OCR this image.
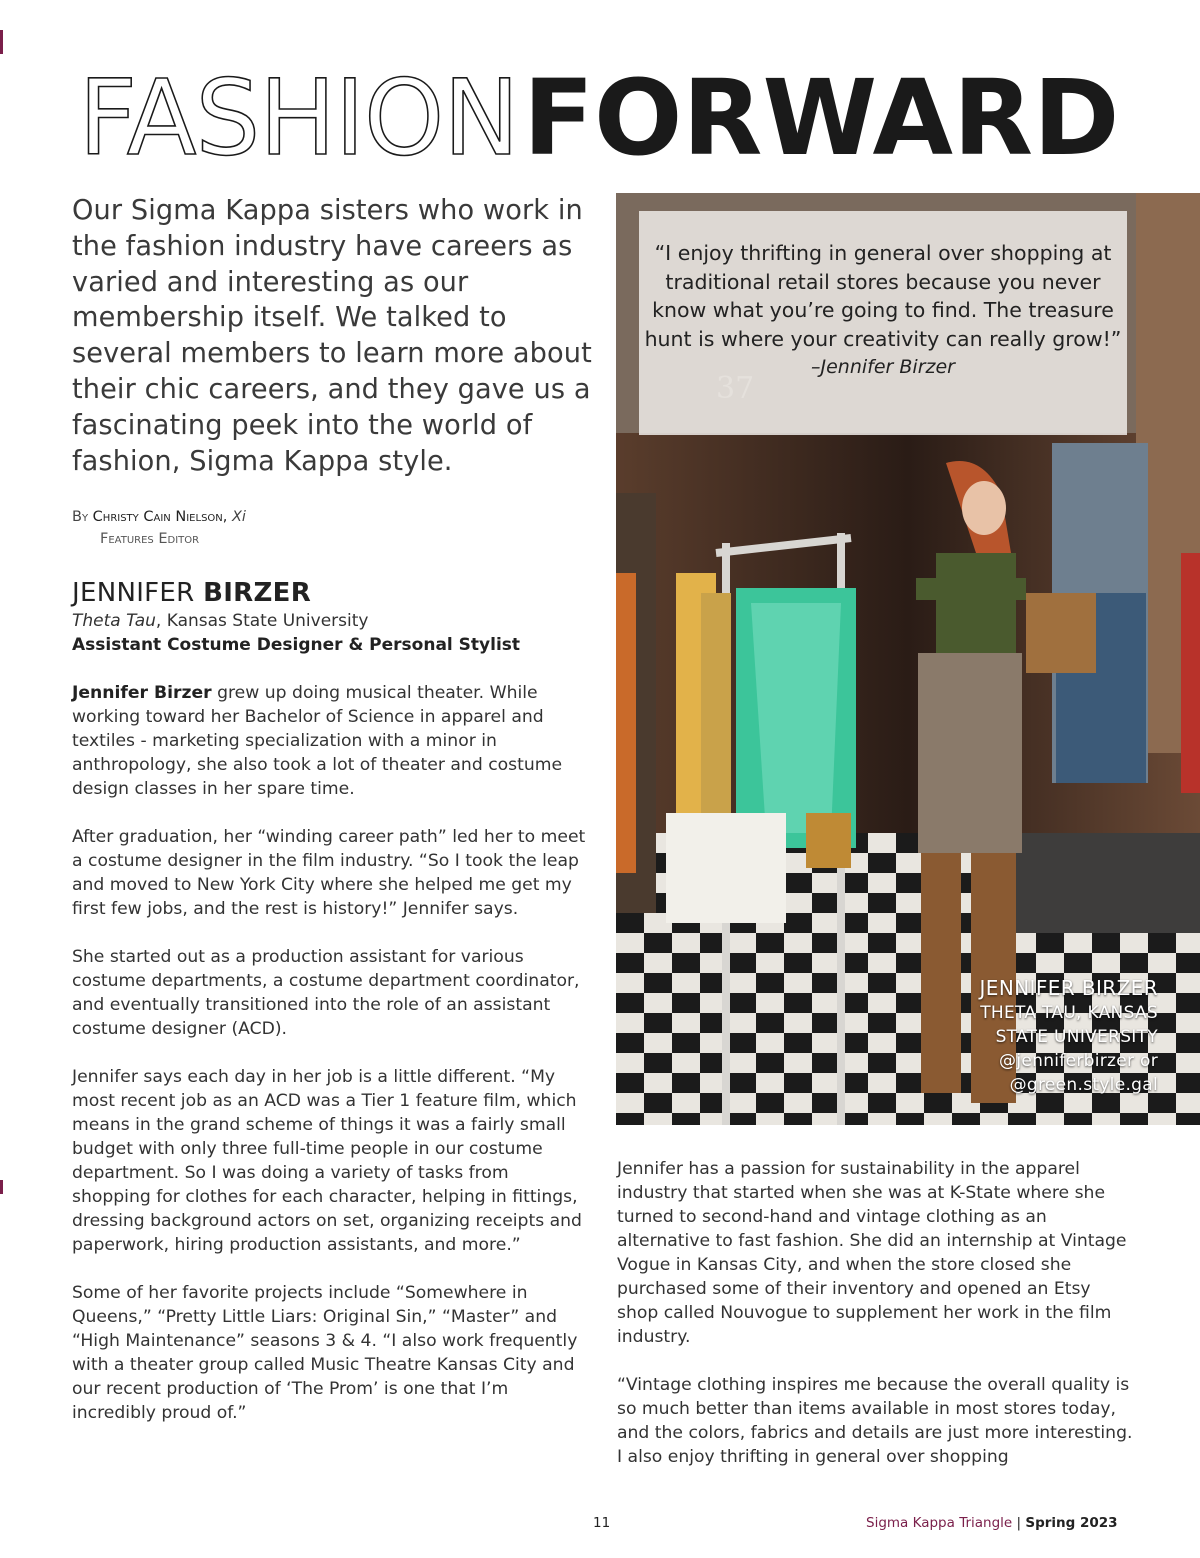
FASHIONFORWARD

Our Sigma Kappa sisters who work in the fashion industry have careers as varied and interesting as our membership itself. We talked to several members to learn more about their chic careers, and they gave us a fascinating peek into the world of fashion, Sigma Kappa style.

By Christy Cain Nielson, Xi
Features Editor
JENNIFER BIRZER
Theta Tau, Kansas State University
Assistant Costume Designer & Personal Stylist

Jennifer Birzer grew up doing musical theater. While working toward her Bachelor of Science in apparel and textiles - marketing specialization with a minor in anthropology, she also took a lot of theater and costume design classes in her spare time.

After graduation, her “winding career path” led her to meet a costume designer in the film industry. “So I took the leap and moved to New York City where she helped me get my first few jobs, and the rest is history!” Jennifer says.

She started out as a production assistant for various costume departments, a costume department coordinator, and eventually transitioned into the role of an assistant costume designer (ACD).

Jennifer says each day in her job is a little different. “My most recent job as an ACD was a Tier 1 feature film, which means in the grand scheme of things it was a fairly small budget with only three full-time people in our costume department. So I was doing a variety of tasks from shopping for clothes for each character, helping in fittings, dressing background actors on set, organizing receipts and paperwork, hiring production assistants, and more.”

Some of her favorite projects include “Somewhere in Queens,” “Pretty Little Liars: Original Sin,” “Master” and “High Maintenance” seasons 3 & 4. “I also work frequently with a theater group called Music Theatre Kansas City and our recent production of ‘The Prom’ is one that I’m incredibly proud of.”

“I enjoy thrifting in general over shopping at traditional retail stores because you never know what you’re going to find. The treasure hunt is where your creativity can really grow!”

–Jennifer Birzer

JENNIFER BIRZER
THETA TAU, KANSAS
STATE UNIVERSITY
@jenniferbirzer or
@green.style.gal

Jennifer has a passion for sustainability in the apparel industry that started when she was at K-State where she turned to second-hand and vintage clothing as an alternative to fast fashion. She did an internship at Vintage Vogue in Kansas City, and when the store closed she purchased some of their inventory and opened an Etsy shop called Nouvogue to supplement her work in the film industry.

“Vintage clothing inspires me because the overall quality is so much better than items available in most stores today, and the colors, fabrics and details are just more interesting. I also enjoy thrifting in general over shopping

11	Sigma Kappa Triangle | Spring 2023
